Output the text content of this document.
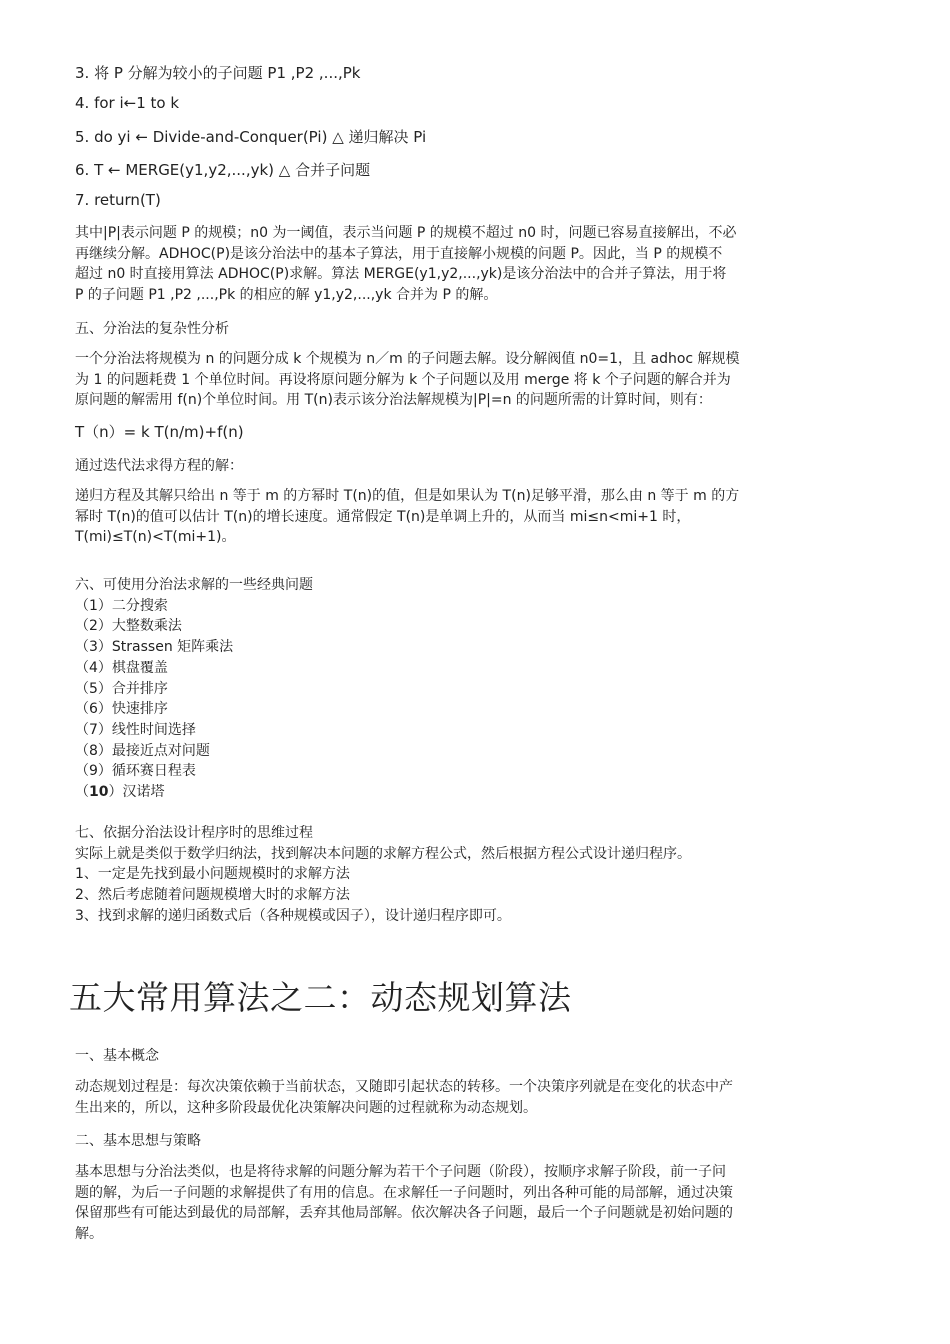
3. 将 P 分解为较小的子问题 P1 ,P2 ,...,Pk
4. for i←1 to k
5. do yi ← Divide-and-Conquer(Pi) △ 递归解决 Pi
6. T ← MERGE(y1,y2,...,yk) △ 合并子问题
7. return(T)
其中|P|表示问题 P 的规模；n0 为一阈值，表示当问题 P 的规模不超过 n0 时，问题已容易直接解出，不必
再继续分解。ADHOC(P)是该分治法中的基本子算法，用于直接解小规模的问题 P。因此，当 P 的规模不
超过 n0 时直接用算法 ADHOC(P)求解。算法 MERGE(y1,y2,...,yk)是该分治法中的合并子算法，用于将
P 的子问题 P1 ,P2 ,...,Pk 的相应的解 y1,y2,...,yk 合并为 P 的解。
五、分治法的复杂性分析
一个分治法将规模为 n 的问题分成 k 个规模为 n／m 的子问题去解。设分解阀值 n0=1，且 adhoc 解规模
为 1 的问题耗费 1 个单位时间。再设将原问题分解为 k 个子问题以及用 merge 将 k 个子问题的解合并为
原问题的解需用 f(n)个单位时间。用 T(n)表示该分治法解规模为|P|=n 的问题所需的计算时间，则有：
T（n）= k T(n/m)+f(n)
通过迭代法求得方程的解：
递归方程及其解只给出 n 等于 m 的方幂时 T(n)的值，但是如果认为 T(n)足够平滑，那么由 n 等于 m 的方
幂时 T(n)的值可以估计 T(n)的增长速度。通常假定 T(n)是单调上升的，从而当 mi≤n<mi+1 时，
T(mi)≤T(n)<T(mi+1)。
六、可使用分治法求解的一些经典问题
（1）二分搜索
（2）大整数乘法
（3）Strassen 矩阵乘法
（4）棋盘覆盖
（5）合并排序
（6）快速排序
（7）线性时间选择
（8）最接近点对问题
（9）循环赛日程表
（10）汉诺塔
七、依据分治法设计程序时的思维过程
实际上就是类似于数学归纳法，找到解决本问题的求解方程公式，然后根据方程公式设计递归程序。
1、一定是先找到最小问题规模时的求解方法
2、然后考虑随着问题规模增大时的求解方法
3、找到求解的递归函数式后（各种规模或因子），设计递归程序即可。
五大常用算法之二：动态规划算法
一、基本概念
动态规划过程是：每次决策依赖于当前状态，又随即引起状态的转移。一个决策序列就是在变化的状态中产
生出来的，所以，这种多阶段最优化决策解决问题的过程就称为动态规划。
二、基本思想与策略
基本思想与分治法类似，也是将待求解的问题分解为若干个子问题（阶段），按顺序求解子阶段，前一子问
题的解，为后一子问题的求解提供了有用的信息。在求解任一子问题时，列出各种可能的局部解，通过决策
保留那些有可能达到最优的局部解，丢弃其他局部解。依次解决各子问题，最后一个子问题就是初始问题的
解。
